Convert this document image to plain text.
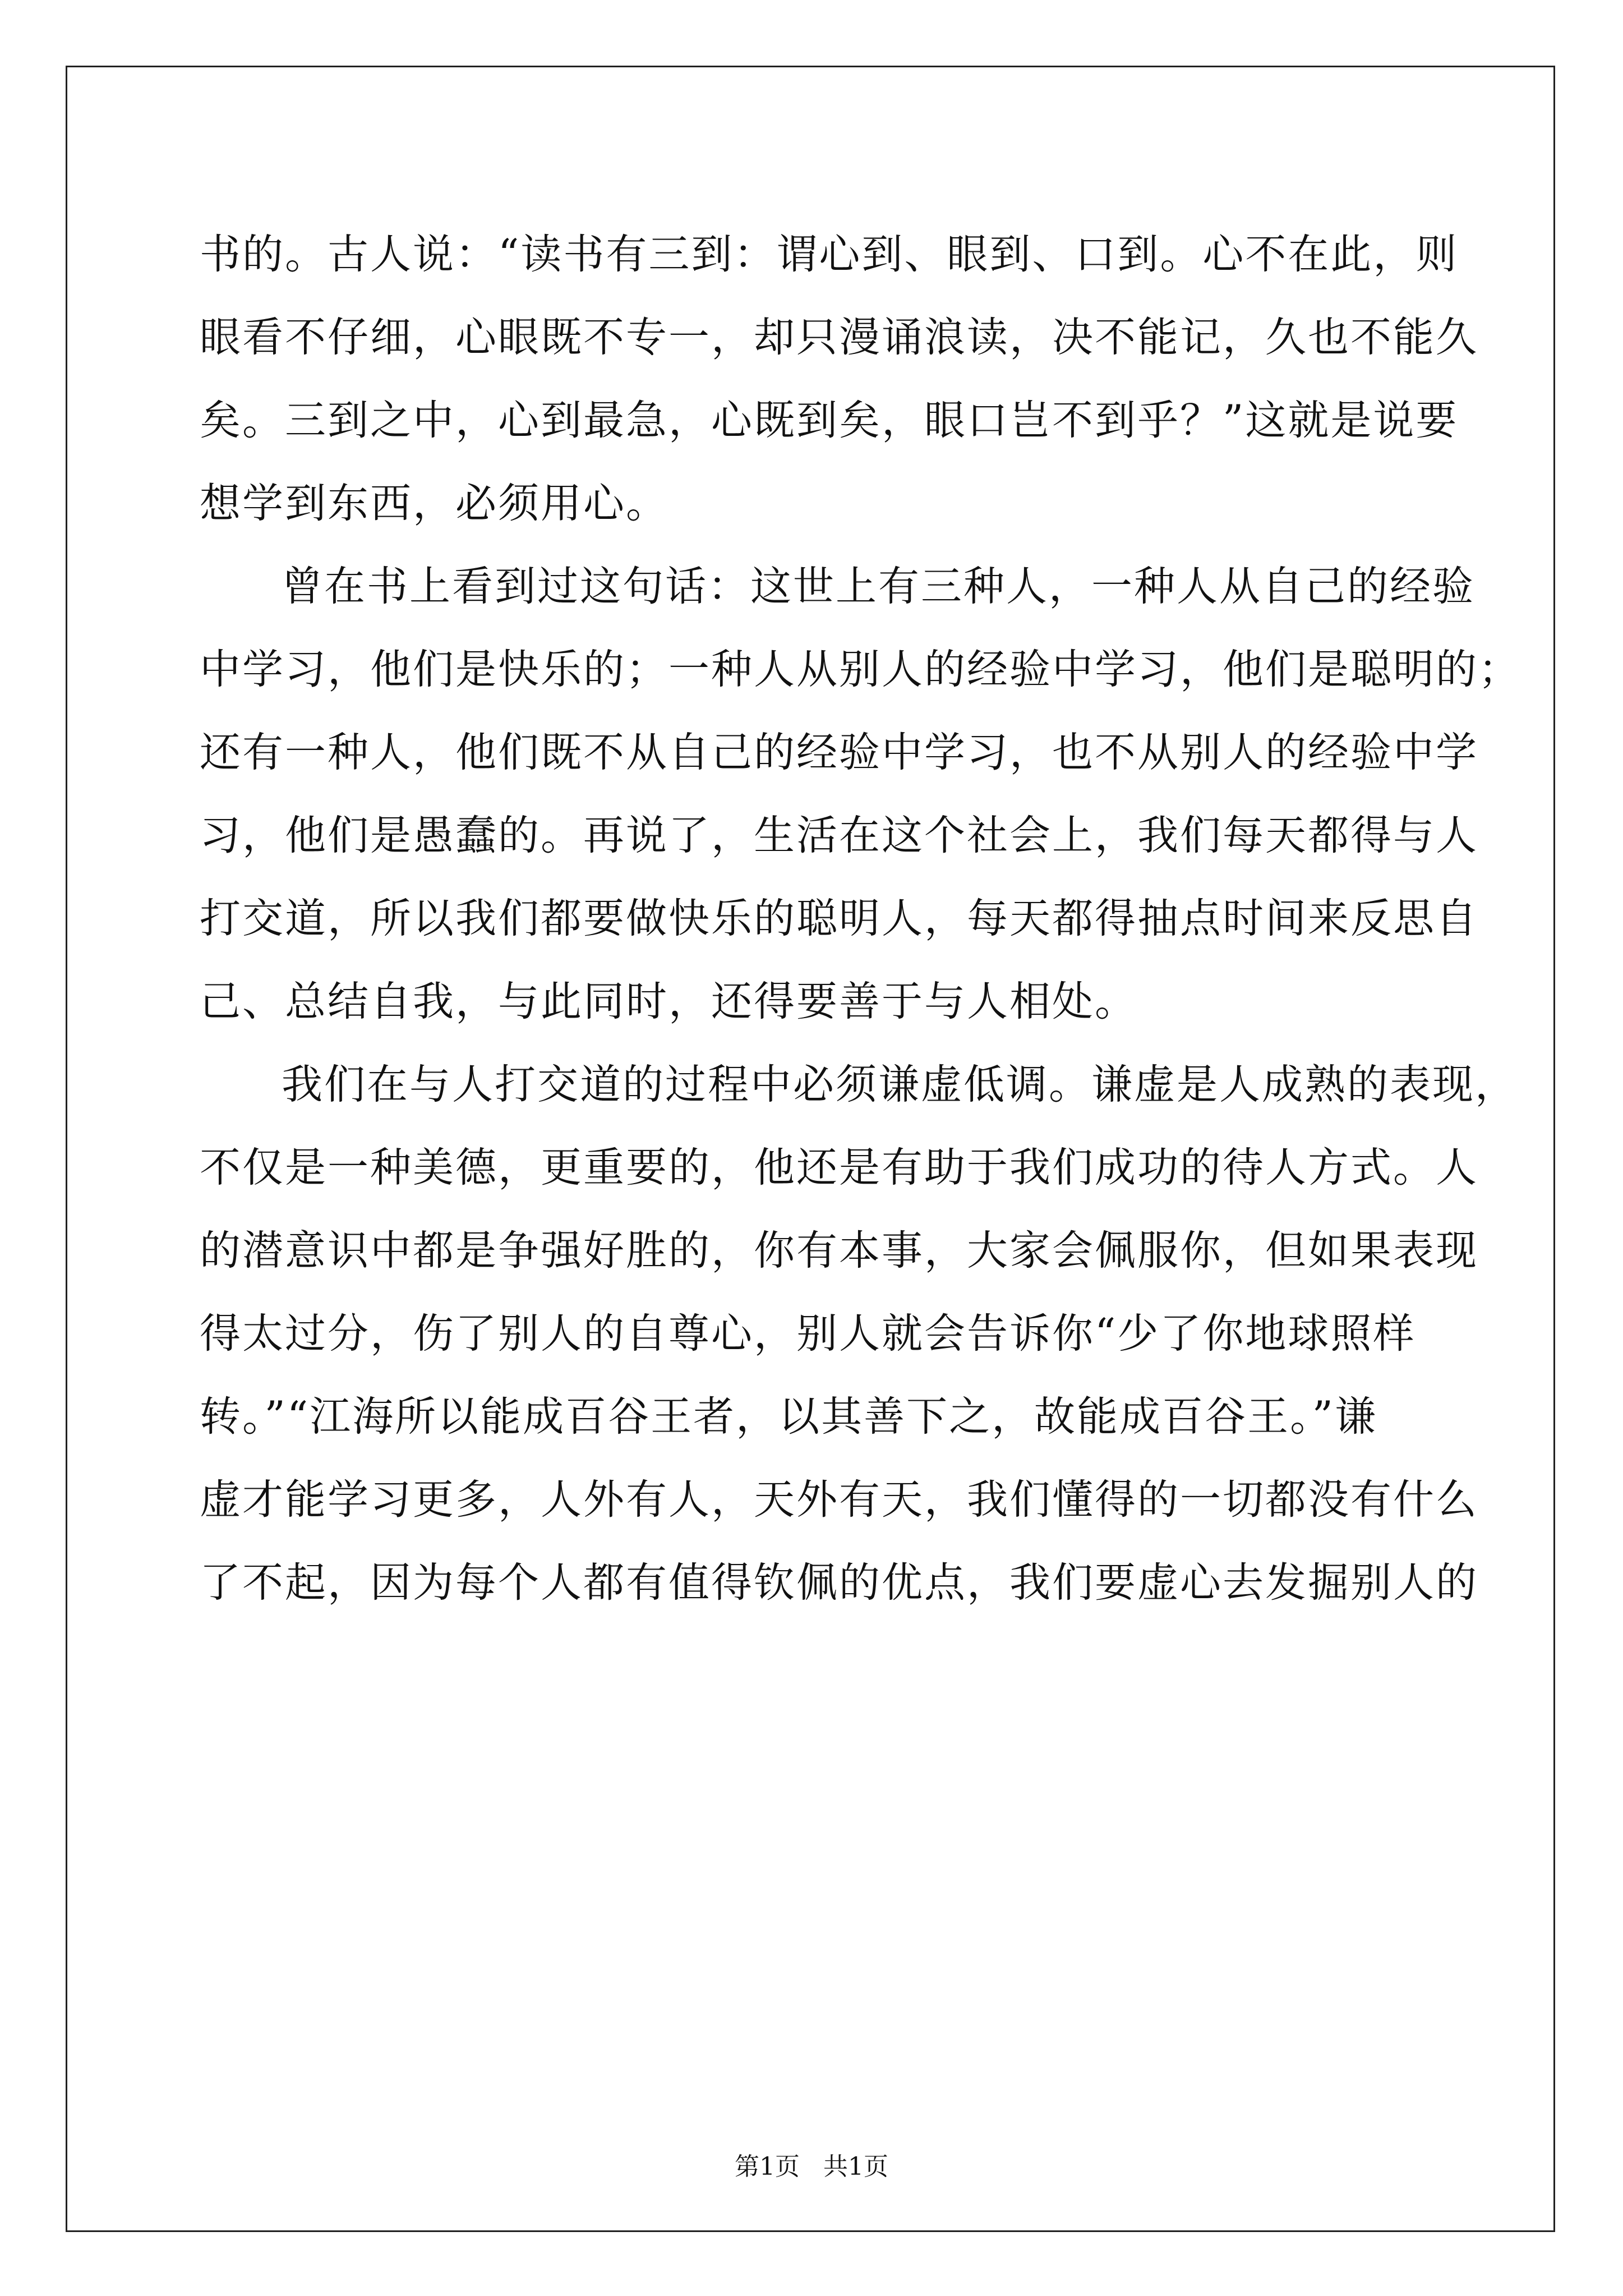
书的。古人说：“读书有三到：谓心到、眼到、口到。心不在此，则
眼看不仔细，心眼既不专一，却只漫诵浪读，决不能记，久也不能久
矣。三到之中，心到最急，心既到矣，眼口岂不到乎？”这就是说要
想学到东西，必须用心。
曾在书上看到过这句话：这世上有三种人，一种人从自己的经验
中学习，他们是快乐的；一种人从别人的经验中学习，他们是聪明的；
还有一种人，他们既不从自己的经验中学习，也不从别人的经验中学
习，他们是愚蠢的。再说了，生活在这个社会上，我们每天都得与人
打交道，所以我们都要做快乐的聪明人，每天都得抽点时间来反思自
己、总结自我，与此同时，还得要善于与人相处。
我们在与人打交道的过程中必须谦虚低调。谦虚是人成熟的表现，
不仅是一种美德，更重要的，他还是有助于我们成功的待人方式。人
的潜意识中都是争强好胜的，你有本事，大家会佩服你，但如果表现
得太过分，伤了别人的自尊心，别人就会告诉你“少了你地球照样
转。”“江海所以能成百谷王者，以其善下之，故能成百谷王。”谦
虚才能学习更多，人外有人，天外有天，我们懂得的一切都没有什么
了不起，因为每个人都有值得钦佩的优点，我们要虚心去发掘别人的
第1页   共1页
